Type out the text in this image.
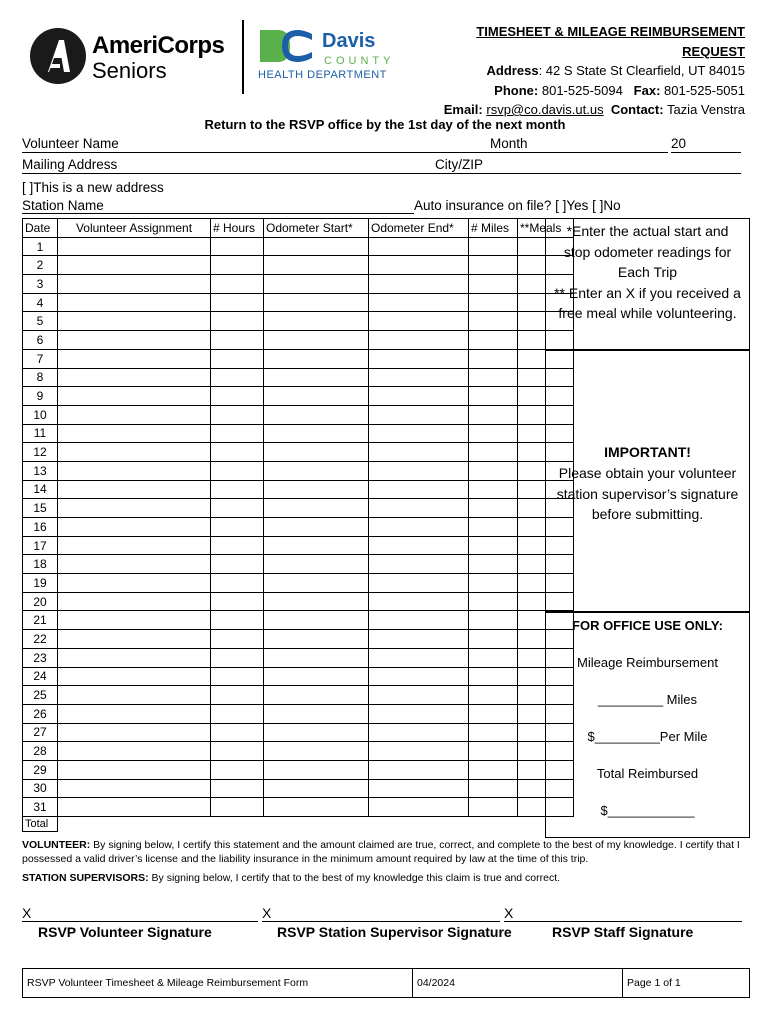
AmeriCorps
Seniors
Davis
COUNTY
HEALTH DEPARTMENT
TIMESHEET & MILEAGE REIMBURSEMENT REQUEST
Address: 42 S State St Clearfield, UT 84015
Phone: 801-525-5094 Fax: 801-525-5051
Email: rsvp@co.davis.ut.us Contact: Tazia Venstra
Return to the RSVP office by the 1st day of the next month
Volunteer Name	Month	20
Mailing Address	City/ZIP
[ ]This is a new address
Station Name	Auto insurance on file? [ ]Yes [ ]No
Date	Volunteer Assignment	# Hours	Odometer Start*	Odometer End*	# Miles	**Meals
1						
2						
3						
4						
5						
6						
7						
8						
9						
10						
11						
12						
13						
14						
15						
16						
17						
18						
19						
20						
21						
22						
23						
24						
25						
26						
27						
28						
29						
30						
31						
Total						
*Enter the actual start and stop odometer readings for Each Trip
** Enter an X if you received a free meal while volunteering.
IMPORTANT!
Please obtain your volunteer station supervisor’s signature before submitting.
FOR OFFICE USE ONLY:
Mileage Reimbursement
_________ Miles
$_________Per Mile
Total Reimbursed
$____________
VOLUNTEER: By signing below, I certify this statement and the amount claimed are true, correct, and complete to the best of my knowledge. I certify that I possessed a valid driver’s license and the liability insurance in the minimum amount required by law at the time of this trip.
STATION SUPERVISORS: By signing below, I certify that to the best of my knowledge this claim is true and correct.
X	X	X
RSVP Volunteer Signature	RSVP Station Supervisor Signature	RSVP Staff Signature
RSVP Volunteer Timesheet & Mileage Reimbursement Form	04/2024	Page 1 of 1
